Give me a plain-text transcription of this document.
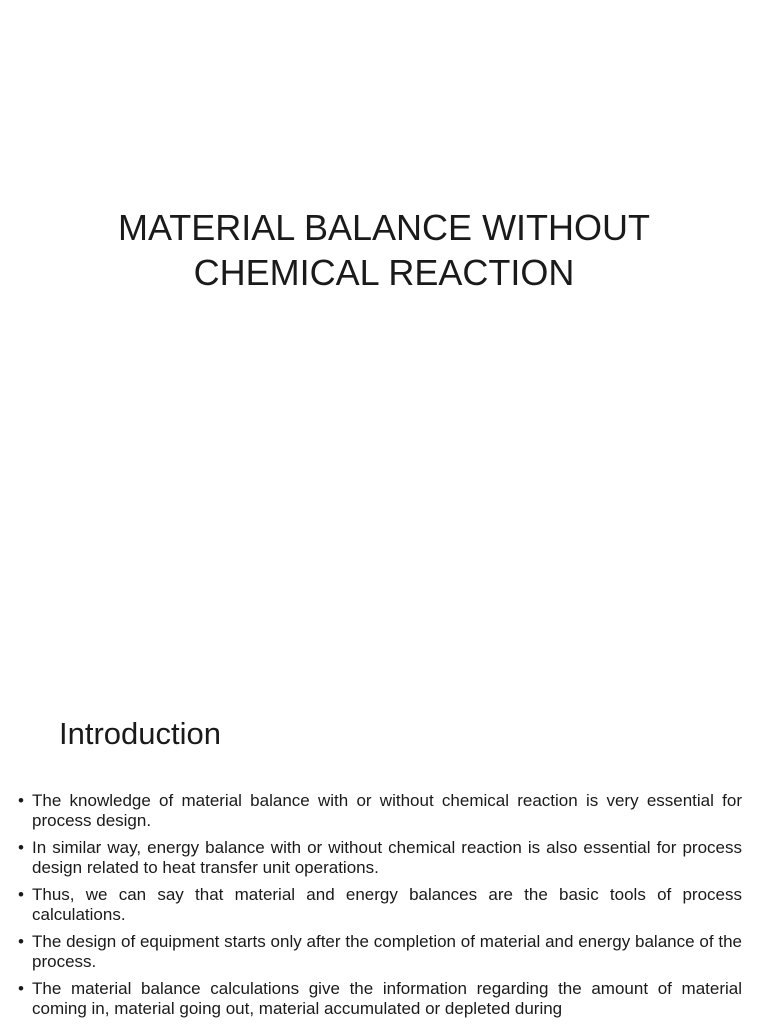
MATERIAL BALANCE WITHOUT
CHEMICAL REACTION
Introduction
• The knowledge of material balance with or without chemical reaction is very essential for process design.
• In similar way, energy balance with or without chemical reaction is also essential for process design related to heat transfer unit operations.
• Thus, we can say that material and energy balances are the basic tools of process calculations.
• The design of equipment starts only after the completion of material and energy balance of the process.
• The material balance calculations give the information regarding the amount of material coming in, material going out, material accumulated or depleted during
